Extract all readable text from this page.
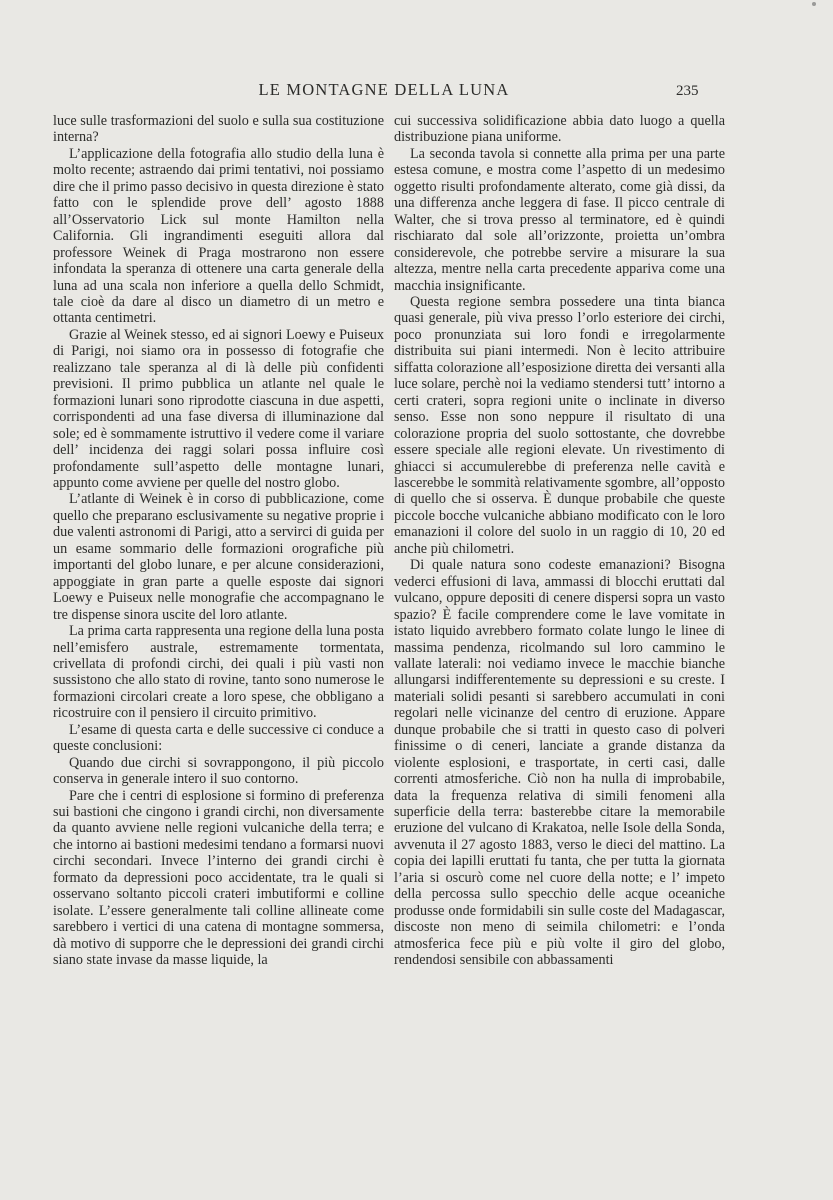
LE MONTAGNE DELLA LUNA	235

luce sulle trasformazioni del suolo e sulla sua costituzione interna?

L’applicazione della fotografia allo studio della luna è molto recente; astraendo dai primi tentativi, noi possiamo dire che il primo passo decisivo in questa direzione è stato fatto con le splendide prove dell’ agosto 1888 all’Osservatorio Lick sul monte Hamilton nella California. Gli ingrandimenti eseguiti allora dal professore Weinek di Praga mostrarono non essere infondata la speranza di ottenere una carta generale della luna ad una scala non inferiore a quella dello Schmidt, tale cioè da dare al disco un diametro di un metro e ottanta centimetri.

Grazie al Weinek stesso, ed ai signori Loewy e Puiseux di Parigi, noi siamo ora in possesso di fotografie che realizzano tale speranza al di là delle più confidenti previsioni. Il primo pubblica un atlante nel quale le formazioni lunari sono riprodotte ciascuna in due aspetti, corrispondenti ad una fase diversa di illuminazione dal sole; ed è sommamente istruttivo il vedere come il variare dell’ incidenza dei raggi solari possa influire così profondamente sull’aspetto delle montagne lunari, appunto come avviene per quelle del nostro globo.

L’atlante di Weinek è in corso di pubblicazione, come quello che preparano esclusivamente su negative proprie i due valenti astronomi di Parigi, atto a servirci di guida per un esame sommario delle formazioni orografiche più importanti del globo lunare, e per alcune considerazioni, appoggiate in gran parte a quelle esposte dai signori Loewy e Puiseux nelle monografie che accompagnano le tre dispense sinora uscite del loro atlante.

La prima carta rappresenta una regione della luna posta nell’emisfero australe, estremamente tormentata, crivellata di profondi circhi, dei quali i più vasti non sussistono che allo stato di rovine, tanto sono numerose le formazioni circolari create a loro spese, che obbligano a ricostruire con il pensiero il circuito primitivo.

L’esame di questa carta e delle successive ci conduce a queste conclusioni:

Quando due circhi si sovrappongono, il più piccolo conserva in generale intero il suo contorno.

Pare che i centri di esplosione si formino di preferenza sui bastioni che cingono i grandi circhi, non diversamente da quanto avviene nelle regioni vulcaniche della terra; e che intorno ai bastioni medesimi tendano a formarsi nuovi circhi secondari. Invece l’interno dei grandi circhi è formato da depressioni poco accidentate, tra le quali si osservano soltanto piccoli crateri imbutiformi e colline isolate. L’essere generalmente tali colline allineate come sarebbero i vertici di una catena di montagne sommersa, dà motivo di supporre che le depressioni dei grandi circhi siano state invase da masse liquide, la

cui successiva solidificazione abbia dato luogo a quella distribuzione piana uniforme.

La seconda tavola si connette alla prima per una parte estesa comune, e mostra come l’aspetto di un medesimo oggetto risulti profondamente alterato, come già dissi, da una differenza anche leggera di fase. Il picco centrale di Walter, che si trova presso al terminatore, ed è quindi rischiarato dal sole all’orizzonte, proietta un’ombra considerevole, che potrebbe servire a misurare la sua altezza, mentre nella carta precedente appariva come una macchia insignificante.

Questa regione sembra possedere una tinta bianca quasi generale, più viva presso l’orlo esteriore dei circhi, poco pronunziata sui loro fondi e irregolarmente distribuita sui piani intermedi. Non è lecito attribuire siffatta colorazione all’esposizione diretta dei versanti alla luce solare, perchè noi la vediamo stendersi tutt’ intorno a certi crateri, sopra regioni unite o inclinate in diverso senso. Esse non sono neppure il risultato di una colorazione propria del suolo sottostante, che dovrebbe essere speciale alle regioni elevate. Un rivestimento di ghiacci si accumulerebbe di preferenza nelle cavità e lascerebbe le sommità relativamente sgombre, all’opposto di quello che si osserva. È dunque probabile che queste piccole bocche vulcaniche abbiano modificato con le loro emanazioni il colore del suolo in un raggio di 10, 20 ed anche più chilometri.

Di quale natura sono codeste emanazioni? Bisogna vederci effusioni di lava, ammassi di blocchi eruttati dal vulcano, oppure depositi di cenere dispersi sopra un vasto spazio? È facile comprendere come le lave vomitate in istato liquido avrebbero formato colate lungo le linee di massima pendenza, ricolmando sul loro cammino le vallate laterali: noi vediamo invece le macchie bianche allungarsi indifferentemente su depressioni e su creste. I materiali solidi pesanti si sarebbero accumulati in coni regolari nelle vicinanze del centro di eruzione. Appare dunque probabile che si tratti in questo caso di polveri finissime o di ceneri, lanciate a grande distanza da violente esplosioni, e trasportate, in certi casi, dalle correnti atmosferiche. Ciò non ha nulla di improbabile, data la frequenza relativa di simili fenomeni alla superficie della terra: basterebbe citare la memorabile eruzione del vulcano di Krakatoa, nelle Isole della Sonda, avvenuta il 27 agosto 1883, verso le dieci del mattino. La copia dei lapilli eruttati fu tanta, che per tutta la giornata l’aria si oscurò come nel cuore della notte; e l’ impeto della percossa sullo specchio delle acque oceaniche produsse onde formidabili sin sulle coste del Madagascar, discoste non meno di seimila chilometri: e l’onda atmosferica fece più e più volte il giro del globo, rendendosi sensibile con abbassamenti
